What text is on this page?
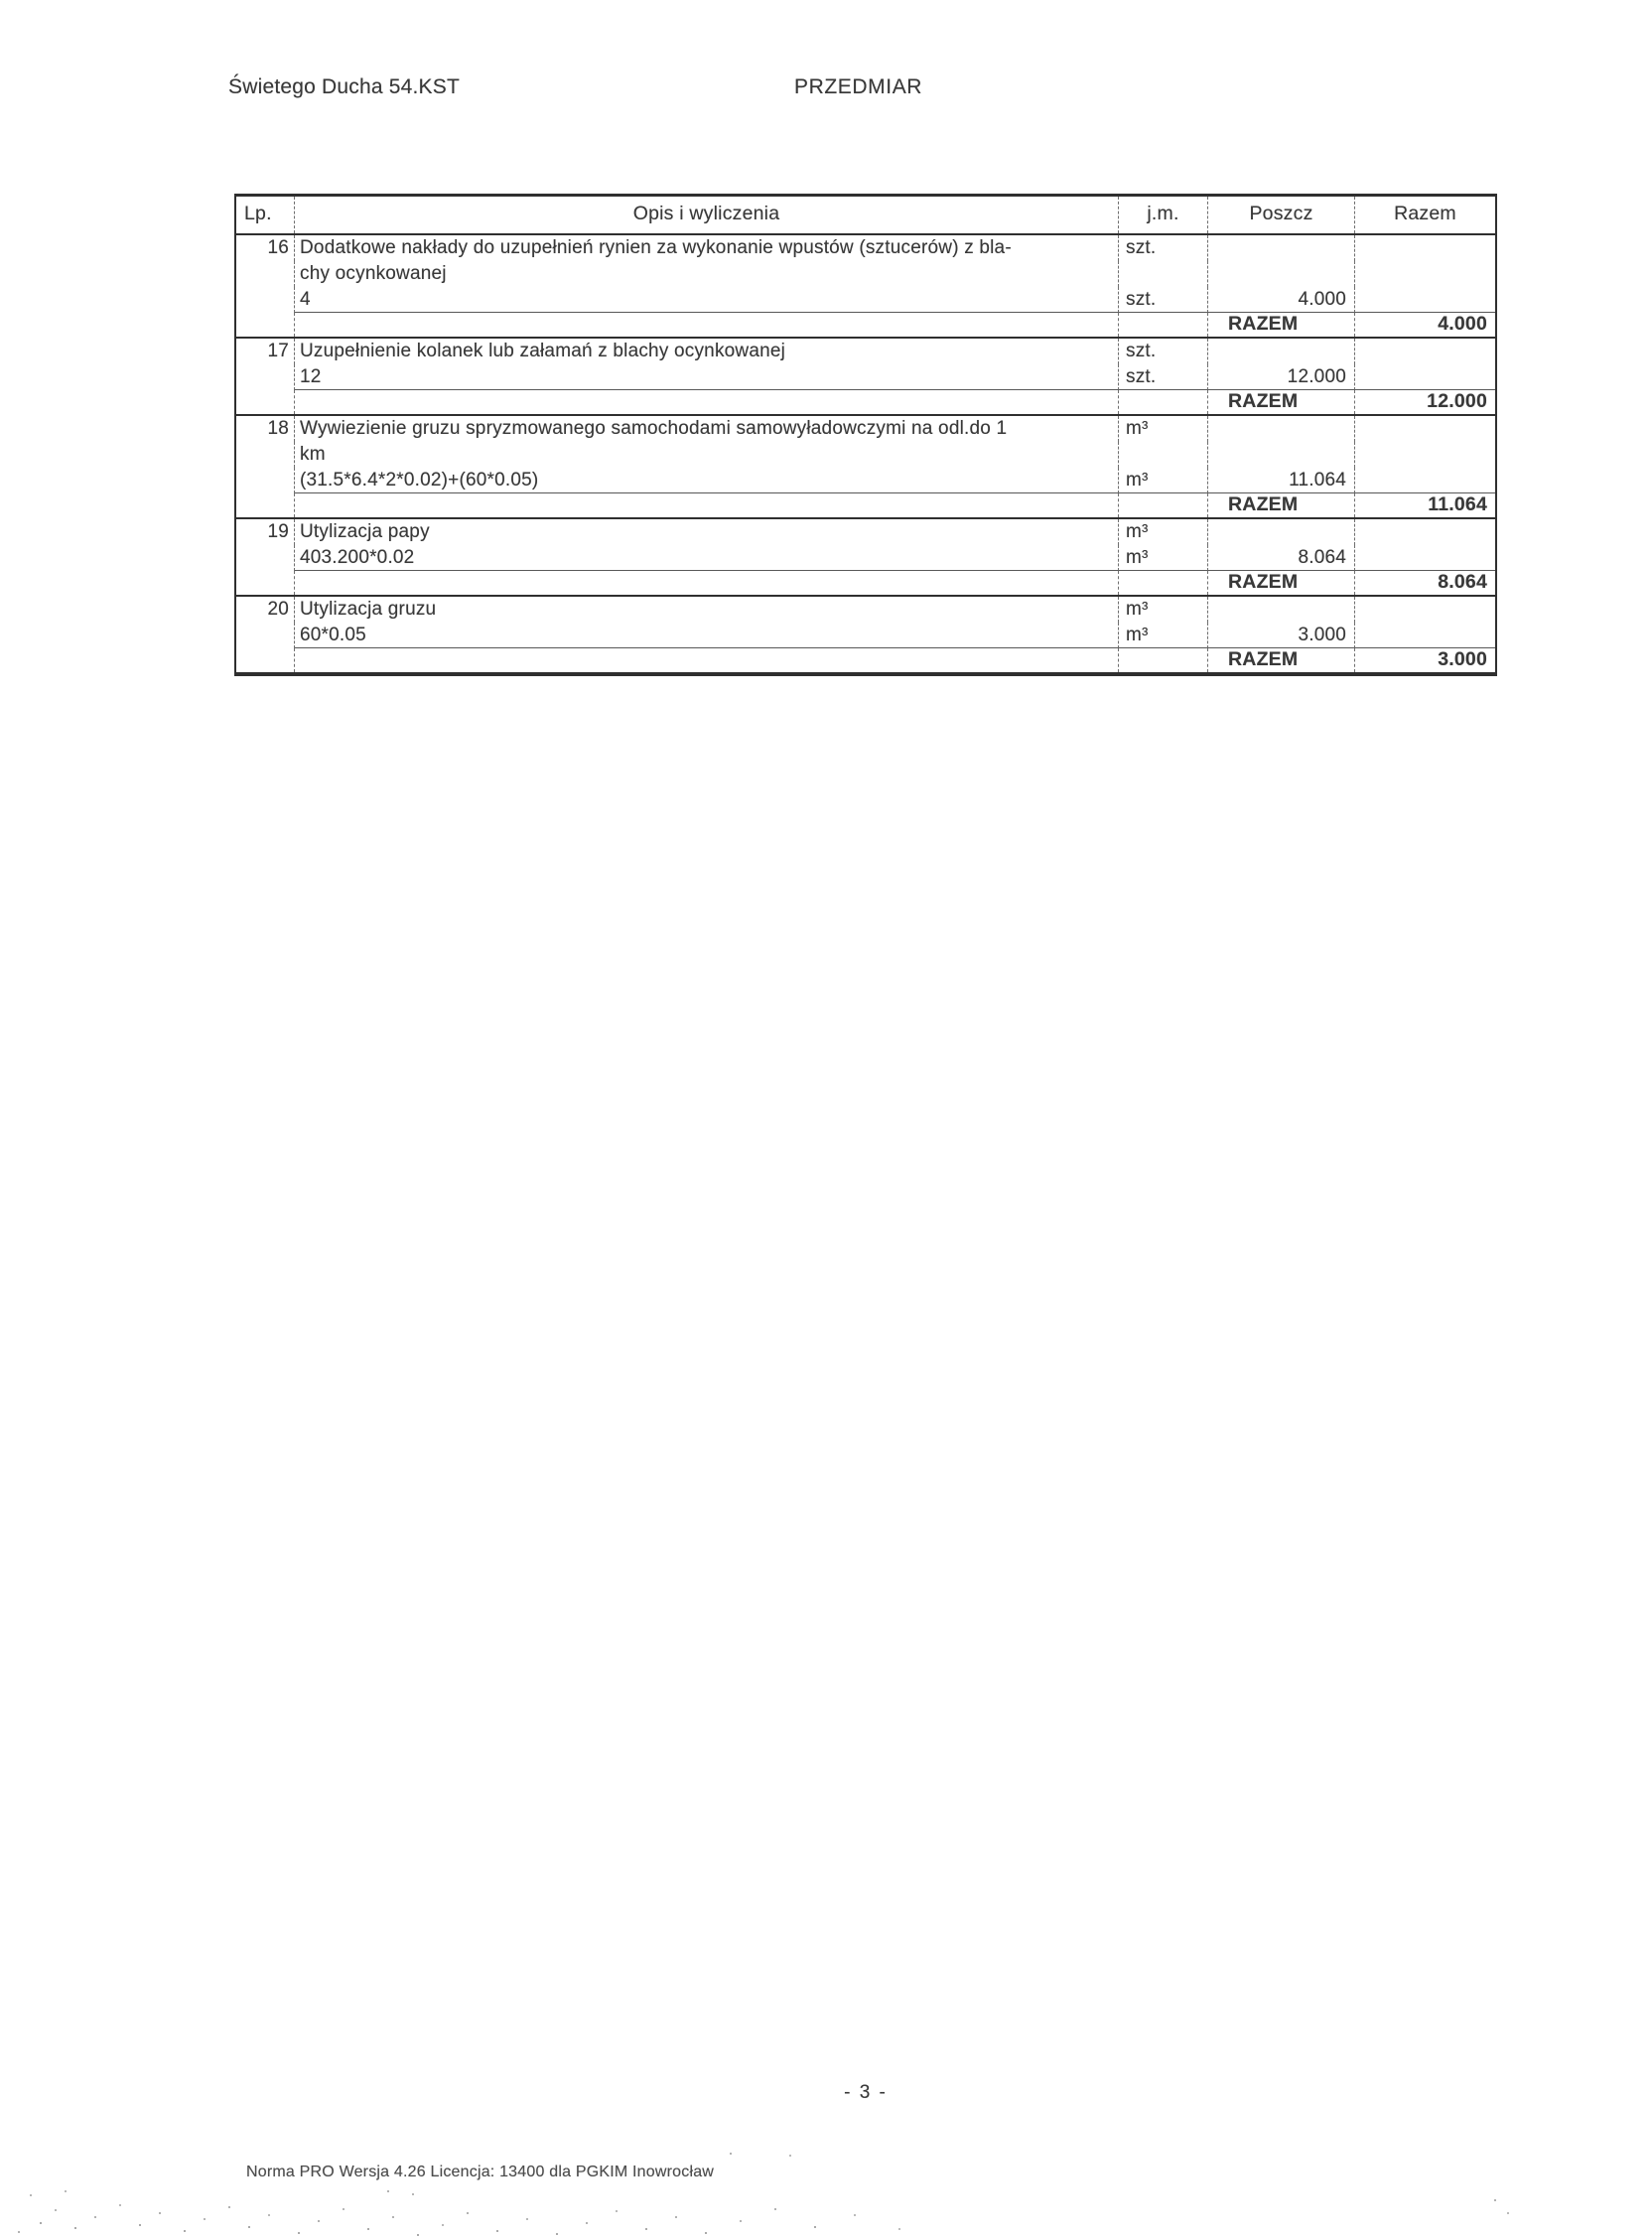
Świetego Ducha 54.KST	PRZEDMIAR
Lp.	Opis i wyliczenia	j.m.	Poszcz	Razem
16 Dodatkowe nakłady do uzupełnień rynien za wykonanie wpustów (sztucerów) z bla-	szt.
chy ocynkowanej
4	szt.	4.000
RAZEM	4.000
17 Uzupełnienie kolanek lub załamań z blachy ocynkowanej	szt.
12	szt.	12.000
RAZEM	12.000
18 Wywiezienie gruzu spryzmowanego samochodami samowyładowczymi na odl.do 1	m³
km
(31.5*6.4*2*0.02)+(60*0.05)	m³	11.064
RAZEM	11.064
19 Utylizacja papy	m³
403.200*0.02	m³	8.064
RAZEM	8.064
20 Utylizacja gruzu	m³
60*0.05	m³	3.000
RAZEM	3.000
- 3 -
Norma PRO Wersja 4.26 Licencja: 13400 dla PGKIM Inowrocław
